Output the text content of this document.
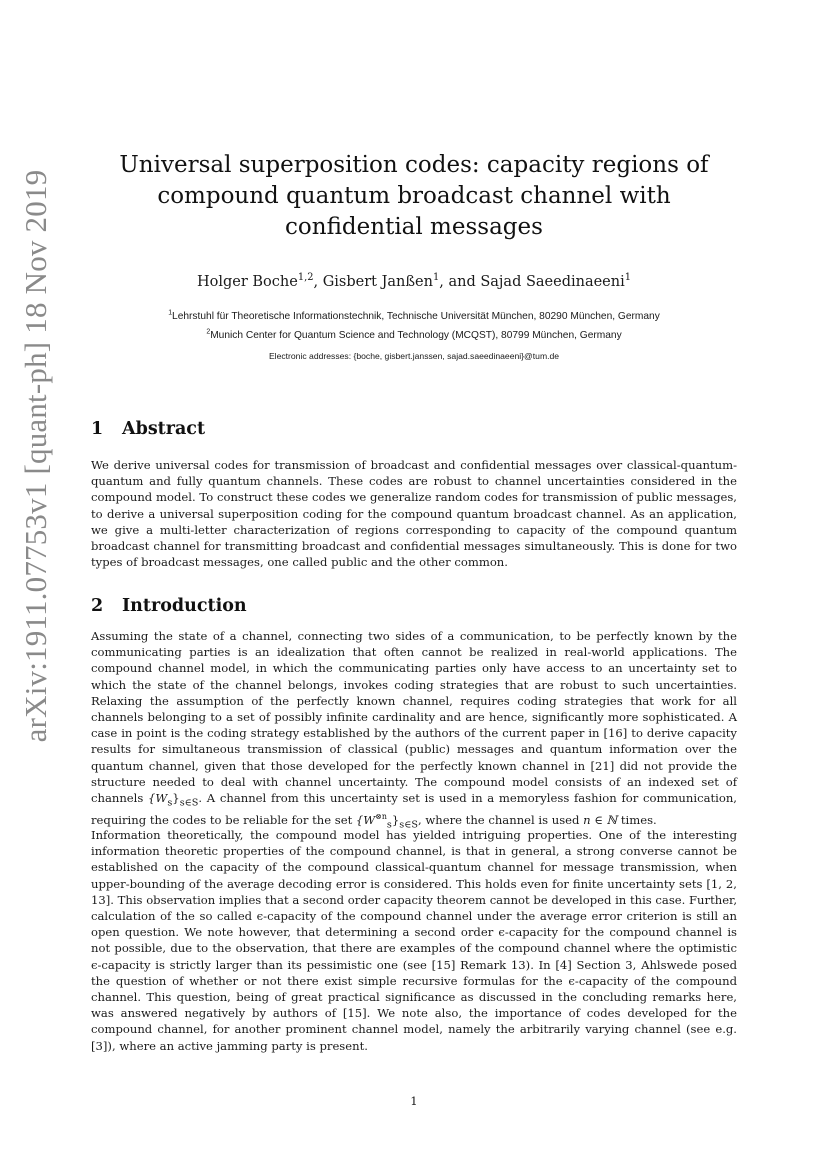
arXiv:1911.07753v1 [quant-ph] 18 Nov 2019
Universal superposition codes: capacity regions of compound quantum broadcast channel with confidential messages
Holger Boche$^{1,2}$, Gisbert Janßen$^1$, and Sajad Saeedinaeeni$^1$
$^1$Lehrstuhl für Theoretische Informationstechnik, Technische Universität München, 80290 München, Germany
$^2$Munich Center for Quantum Science and Technology (MCQST), 80799 München, Germany
Electronic addresses: {boche, gisbert.janssen, sajad.saeedinaeeni}@tum.de
1 Abstract

We derive universal codes for transmission of broadcast and confidential messages over classical-quantum-quantum and fully quantum channels. These codes are robust to channel uncertainties considered in the compound model. To construct these codes we generalize random codes for transmission of public messages, to derive a universal superposition coding for the compound quantum broadcast channel. As an application, we give a multi-letter characterization of regions corresponding to capacity of the compound quantum broadcast channel for transmitting broadcast and confidential messages simultaneously. This is done for two types of broadcast messages, one called public and the other common.

2 Introduction

Assuming the state of a channel, connecting two sides of a communication, to be perfectly known by the communicating parties is an idealization that often cannot be realized in real-world applications. The compound channel model, in which the communicating parties only have access to an uncertainty set to which the state of the channel belongs, invokes coding strategies that are robust to such uncertainties. Relaxing the assumption of the perfectly known channel, requires coding strategies that work for all channels belonging to a set of possibly infinite cardinality and are hence, significantly more sophisticated. A case in point is the coding strategy established by the authors of the current paper in [16] to derive capacity results for simultaneous transmission of classical (public) messages and quantum information over the quantum channel, given that those developed for the perfectly known channel in [21] did not provide the structure needed to deal with channel uncertainty. The compound model consists of an indexed set of channels $\{W_s\}_{s\in S}$. A channel from this uncertainty set is used in a memoryless fashion for communication, requiring the codes to be reliable for the set $\{W^{\otimes n}_s\}_{s\in S}$, where the channel is used n ∈ ℕ times.

Information theoretically, the compound model has yielded intriguing properties. One of the interesting information theoretic properties of the compound channel, is that in general, a strong converse cannot be established on the capacity of the compound classical-quantum channel for message transmission, when upper-bounding of the average decoding error is considered. This holds even for finite uncertainty sets [1, 2, 13]. This observation implies that a second order capacity theorem cannot be developed in this case. Further, calculation of the so called ϵ-capacity of the compound channel under the average error criterion is still an open question. We note however, that determining a second order ϵ-capacity for the compound channel is not possible, due to the observation, that there are examples of the compound channel where the optimistic ϵ-capacity is strictly larger than its pessimistic one (see [15] Remark 13). In [4] Section 3, Ahlswede posed the question of whether or not there exist simple recursive formulas for the ϵ-capacity of the compound channel. This question, being of great practical significance as discussed in the concluding remarks here, was answered negatively by authors of [15]. We note also, the importance of codes developed for the compound channel, for another prominent channel model, namely the arbitrarily varying channel (see e.g. [3]), where an active jamming party is present.

1
